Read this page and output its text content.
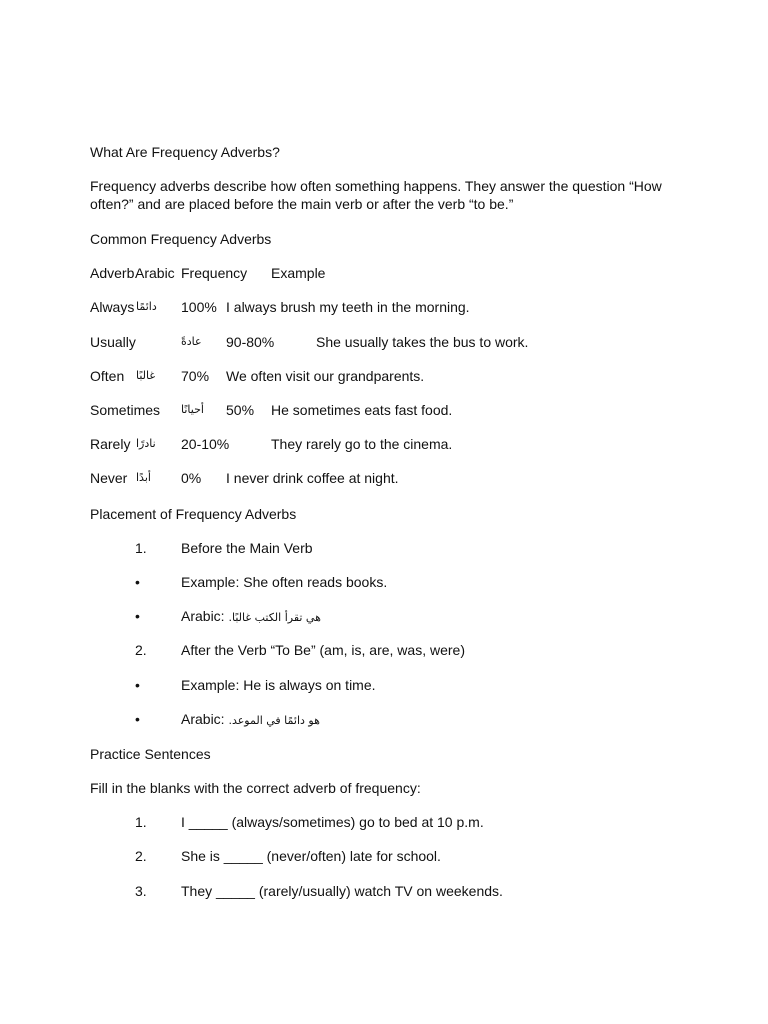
What Are Frequency Adverbs?
Frequency adverbs describe how often something happens. They answer the question “How often?” and are placed before the main verb or after the verb “to be.”
Common Frequency Adverbs
Adverb Arabic Frequency Example
Always دائمًا 100% I always brush my teeth in the morning.
Usually	عادةً 90-80%	She usually takes the bus to work.
Often غالبًا 70% We often visit our grandparents.
Sometimes أحيانًا 50% He sometimes eats fast food.
Rarely نادرًا 20-10%	They rarely go to the cinema.
Never أبدًا 0% I never drink coffee at night.
Placement of Frequency Adverbs
1. Before the Main Verb
•	Example: She often reads books.
•	Arabic: هي تقرأ الكتب غالبًا.
2. After the Verb “To Be” (am, is, are, was, were)
•	Example: He is always on time.
•	Arabic: هو دائمًا في الموعد.
Practice Sentences
Fill in the blanks with the correct adverb of frequency:
1. I _____ (always/sometimes) go to bed at 10 p.m.
2. She is _____ (never/often) late for school.
3. They _____ (rarely/usually) watch TV on weekends.
